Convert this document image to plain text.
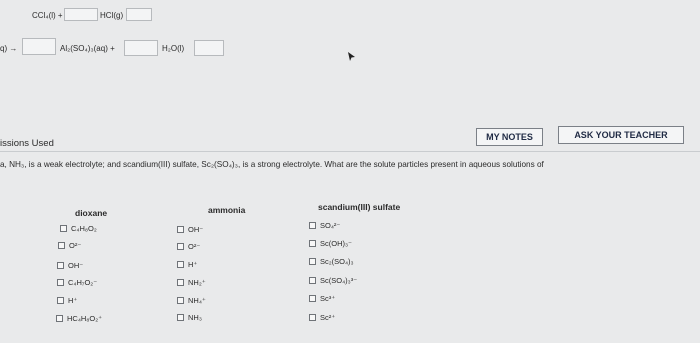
CCl₄(l) +	HCl(g)
q) →	Al₂(SO₄)₃(aq) +	H₂O(l)
issions Used
MY NOTES	ASK YOUR TEACHER
a, NH₃, is a weak electrolyte; and scandium(III) sulfate, Sc₂(SO₄)₃, is a strong electrolyte. What are the solute particles present in aqueous solutions of
dioxane	ammonia	scandium(III) sulfate
C₄H₈O₂
O²⁻
OH⁻
C₄H₇O₂⁻
H⁺
HC₄H₈O₂⁺
OH⁻
O²⁻
H⁺
NH₂⁺
NH₄⁺
NH₃
SO₄²⁻
Sc(OH)₃⁻
Sc₂(SO₄)₃
Sc(SO₄)₃³⁻
Sc³⁺
Sc²⁺
